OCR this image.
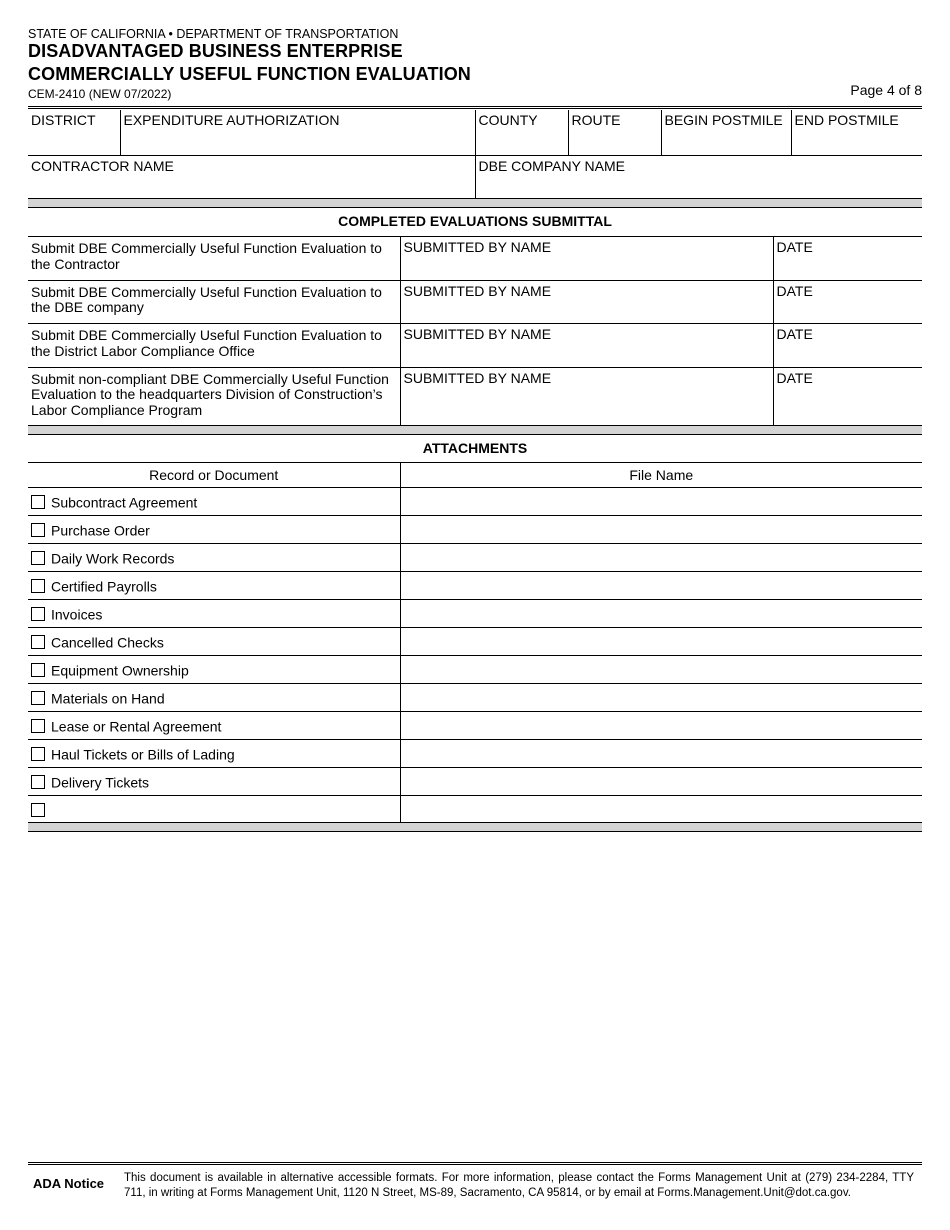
STATE OF CALIFORNIA • DEPARTMENT OF TRANSPORTATION
DISADVANTAGED BUSINESS ENTERPRISE
COMMERCIALLY USEFUL FUNCTION EVALUATION
CEM-2410 (NEW 07/2022)	Page 4 of 8
DISTRICT	EXPENDITURE AUTHORIZATION	COUNTY	ROUTE	BEGIN POSTMILE	END POSTMILE
CONTRACTOR NAME		DBE COMPANY NAME			
COMPLETED EVALUATIONS SUBMITTAL
Submit DBE Commercially Useful Function Evaluation to the Contractor	SUBMITTED BY NAME	DATE
Submit DBE Commercially Useful Function Evaluation to the DBE company	SUBMITTED BY NAME	DATE
Submit DBE Commercially Useful Function Evaluation to the District Labor Compliance Office	SUBMITTED BY NAME	DATE
Submit non-compliant DBE Commercially Useful Function Evaluation to the headquarters Division of Construction’s Labor Compliance Program	SUBMITTED BY NAME	DATE
ATTACHMENTS
Record or Document	File Name
Subcontract Agreement	
Purchase Order	
Daily Work Records	
Certified Payrolls	
Invoices	
Cancelled Checks	
Equipment Ownership	
Materials on Hand	
Lease or Rental Agreement	
Haul Tickets or Bills of Lading	
Delivery Tickets	

ADA Notice This document is available in alternative accessible formats. For more information, please contact the Forms Management Unit at (279) 234-2284, TTY 711, in writing at Forms Management Unit, 1120 N Street, MS-89, Sacramento, CA 95814, or by email at Forms.Management.Unit@dot.ca.gov.
